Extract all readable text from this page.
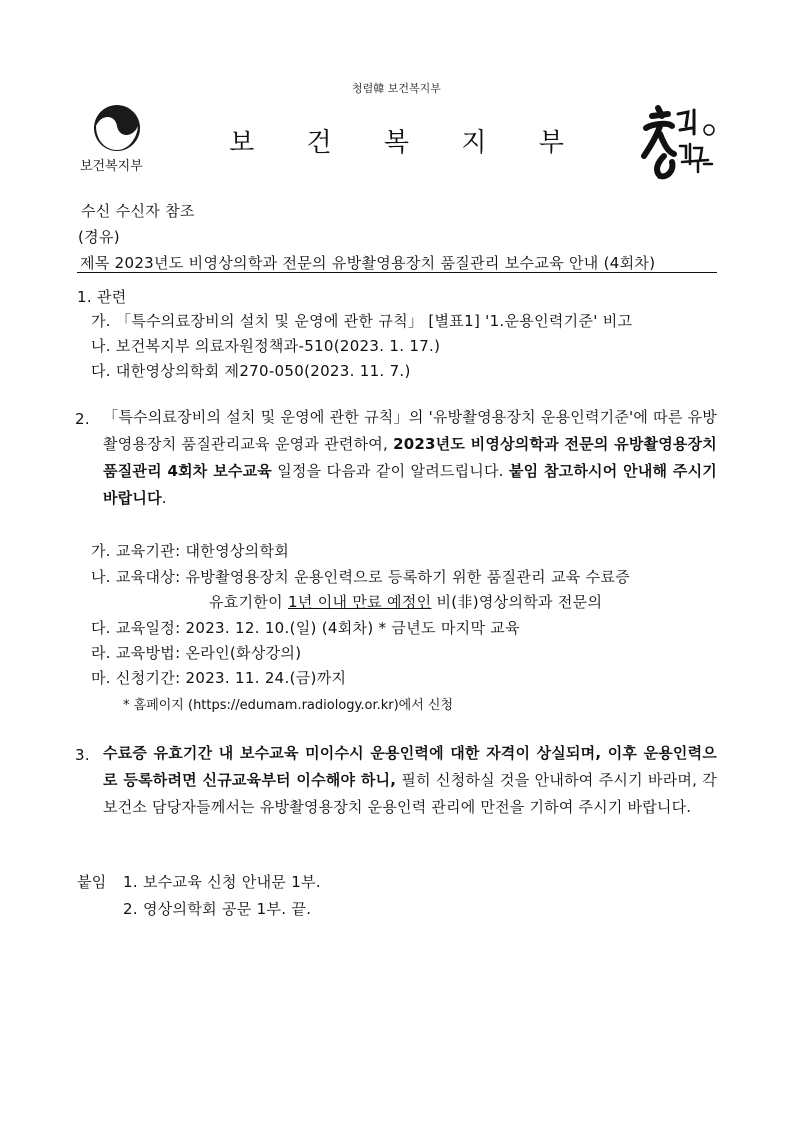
청렴韓 보건복지부
보건복지부
보 건 복 지 부
수신 수신자 참조
(경유)
제목 2023년도 비영상의학과 전문의 유방촬영용장치 품질관리 보수교육 안내 (4회차)
1. 관련
가. 「특수의료장비의 설치 및 운영에 관한 규칙」 [별표1] '1.운용인력기준' 비고
나. 보건복지부 의료자원정책과-510(2023. 1. 17.)
다. 대한영상의학회 제270-050(2023. 11. 7.)
2. 「특수의료장비의 설치 및 운영에 관한 규칙」의 '유방촬영용장치 운용인력기준'에 따른 유방촬영용장치 품질관리교육 운영과 관련하여, 2023년도 비영상의학과 전문의 유방촬영용장치 품질관리 4회차 보수교육 일정을 다음과 같이 알려드립니다. 붙임 참고하시어 안내해 주시기 바랍니다.
가. 교육기관: 대한영상의학회
나. 교육대상: 유방촬영용장치 운용인력으로 등록하기 위한 품질관리 교육 수료증
유효기한이 1년 이내 만료 예정인 비(非)영상의학과 전문의
다. 교육일정: 2023. 12. 10.(일) (4회차) * 금년도 마지막 교육
라. 교육방법: 온라인(화상강의)
마. 신청기간: 2023. 11. 24.(금)까지
* 홈페이지 (https://edumam.radiology.or.kr)에서 신청
3. 수료증 유효기간 내 보수교육 미이수시 운용인력에 대한 자격이 상실되며, 이후 운용인력으로 등록하려면 신규교육부터 이수해야 하니, 필히 신청하실 것을 안내하여 주시기 바라며, 각 보건소 담당자들께서는 유방촬영용장치 운용인력 관리에 만전을 기하여 주시기 바랍니다.
붙임 1. 보수교육 신청 안내문 1부.
2. 영상의학회 공문 1부. 끝.
